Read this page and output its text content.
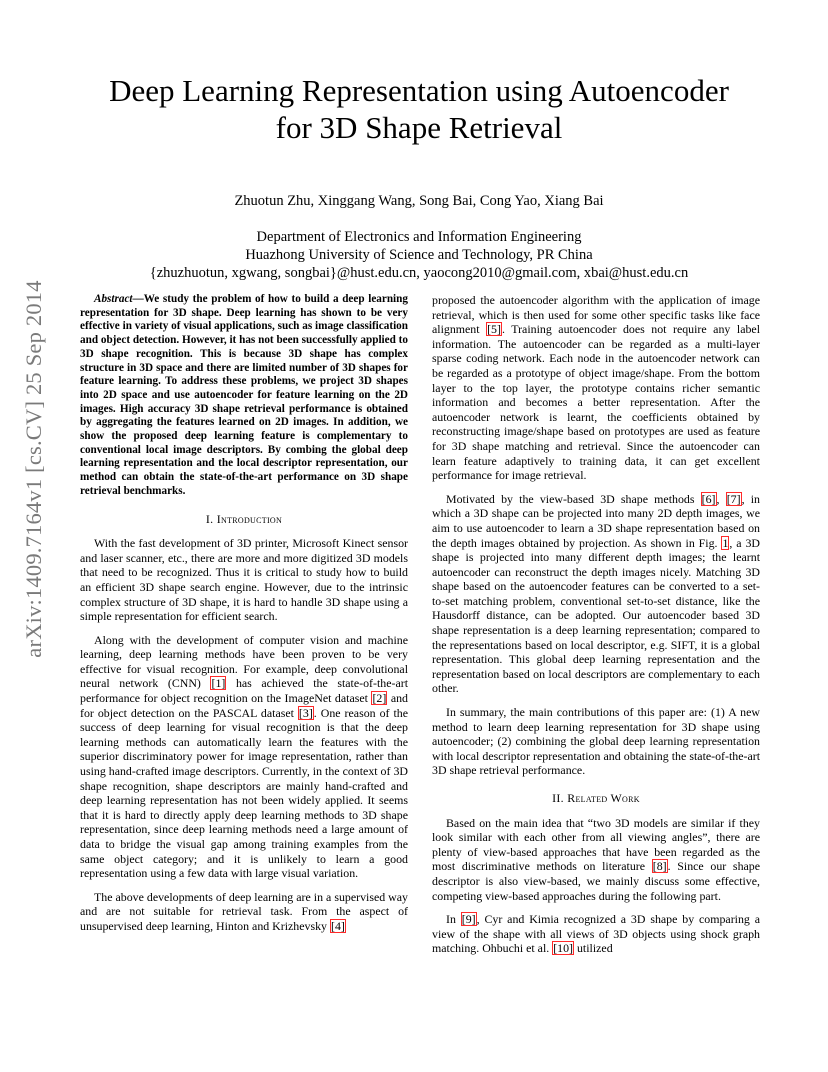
Deep Learning Representation using Autoencoder
for 3D Shape Retrieval
Zhuotun Zhu, Xinggang Wang, Song Bai, Cong Yao, Xiang Bai
Department of Electronics and Information Engineering
Huazhong University of Science and Technology, PR China
{zhuzhuotun, xgwang, songbai}@hust.edu.cn, yaocong2010@gmail.com, xbai@hust.edu.cn
arXiv:1409.7164v1 [cs.CV] 25 Sep 2014	Abstract—We study the problem of how to build a deep learning representation for 3D shape. Deep learning has shown to be very effective in variety of visual applications, such as image classification and object detection. However, it has not been successfully applied to 3D shape recognition. This is because 3D shape has complex structure in 3D space and there are limited number of 3D shapes for feature learning. To address these problems, we project 3D shapes into 2D space and use autoencoder for feature learning on the 2D images. High accuracy 3D shape retrieval performance is obtained by aggregating the features learned on 2D images. In addition, we show the proposed deep learning feature is complementary to conventional local image descriptors. By combing the global deep learning representation and the local descriptor representation, our method can obtain the state-of-the-art performance on 3D shape retrieval benchmarks.

I. Introduction

With the fast development of 3D printer, Microsoft Kinect sensor and laser scanner, etc., there are more and more digitized 3D models that need to be recognized. Thus it is critical to study how to build an efficient 3D shape search engine. However, due to the intrinsic complex structure of 3D shape, it is hard to handle 3D shape using a simple representation for efficient search.

Along with the development of computer vision and machine learning, deep learning methods have been proven to be very effective for visual recognition. For example, deep convolutional neural network (CNN) [1] has achieved the state-of-the-art performance for object recognition on the ImageNet dataset [2] and for object detection on the PASCAL dataset [3]. One reason of the success of deep learning for visual recognition is that the deep learning methods can automatically learn the features with the superior discriminatory power for image representation, rather than using hand-crafted image descriptors. Currently, in the context of 3D shape recognition, shape descriptors are mainly hand-crafted and deep learning representation has not been widely applied. It seems that it is hard to directly apply deep learning methods to 3D shape representation, since deep learning methods need a large amount of data to bridge the visual gap among training examples from the same object category; and it is unlikely to learn a good representation using a few data with large visual variation.

The above developments of deep learning are in a supervised way and are not suitable for retrieval task. From the aspect of unsupervised deep learning, Hinton and Krizhevsky [4]

proposed the autoencoder algorithm with the application of image retrieval, which is then used for some other specific tasks like face alignment [5]. Training autoencoder does not require any label information. The autoencoder can be regarded as a multi-layer sparse coding network. Each node in the autoencoder network can be regarded as a prototype of object image/shape. From the bottom layer to the top layer, the prototype contains richer semantic information and becomes a better representation. After the autoencoder network is learnt, the coefficients obtained by reconstructing image/shape based on prototypes are used as feature for 3D shape matching and retrieval. Since the autoencoder can learn feature adaptively to training data, it can get excellent performance for image retrieval.

Motivated by the view-based 3D shape methods [6], [7], in which a 3D shape can be projected into many 2D depth images, we aim to use autoencoder to learn a 3D shape representation based on the depth images obtained by projection. As shown in Fig. 1, a 3D shape is projected into many different depth images; the learnt autoencoder can reconstruct the depth images nicely. Matching 3D shape based on the autoencoder features can be converted to a set-to-set matching problem, conventional set-to-set distance, like the Hausdorff distance, can be adopted. Our autoencoder based 3D shape representation is a deep learning representation; compared to the representations based on local descriptor, e.g. SIFT, it is a global representation. This global deep learning representation and the representation based on local descriptors are complementary to each other.

In summary, the main contributions of this paper are: (1) A new method to learn deep learning representation for 3D shape using autoencoder; (2) combining the global deep learning representation with local descriptor representation and obtaining the state-of-the-art 3D shape retrieval performance.

II. Related Work

Based on the main idea that “two 3D models are similar if they look similar with each other from all viewing angles”, there are plenty of view-based approaches that have been regarded as the most discriminative methods on literature [8]. Since our shape descriptor is also view-based, we mainly discuss some effective, competing view-based approaches during the following part.

In [9], Cyr and Kimia recognized a 3D shape by comparing a view of the shape with all views of 3D objects using shock graph matching. Ohbuchi et al. [10] utilized
